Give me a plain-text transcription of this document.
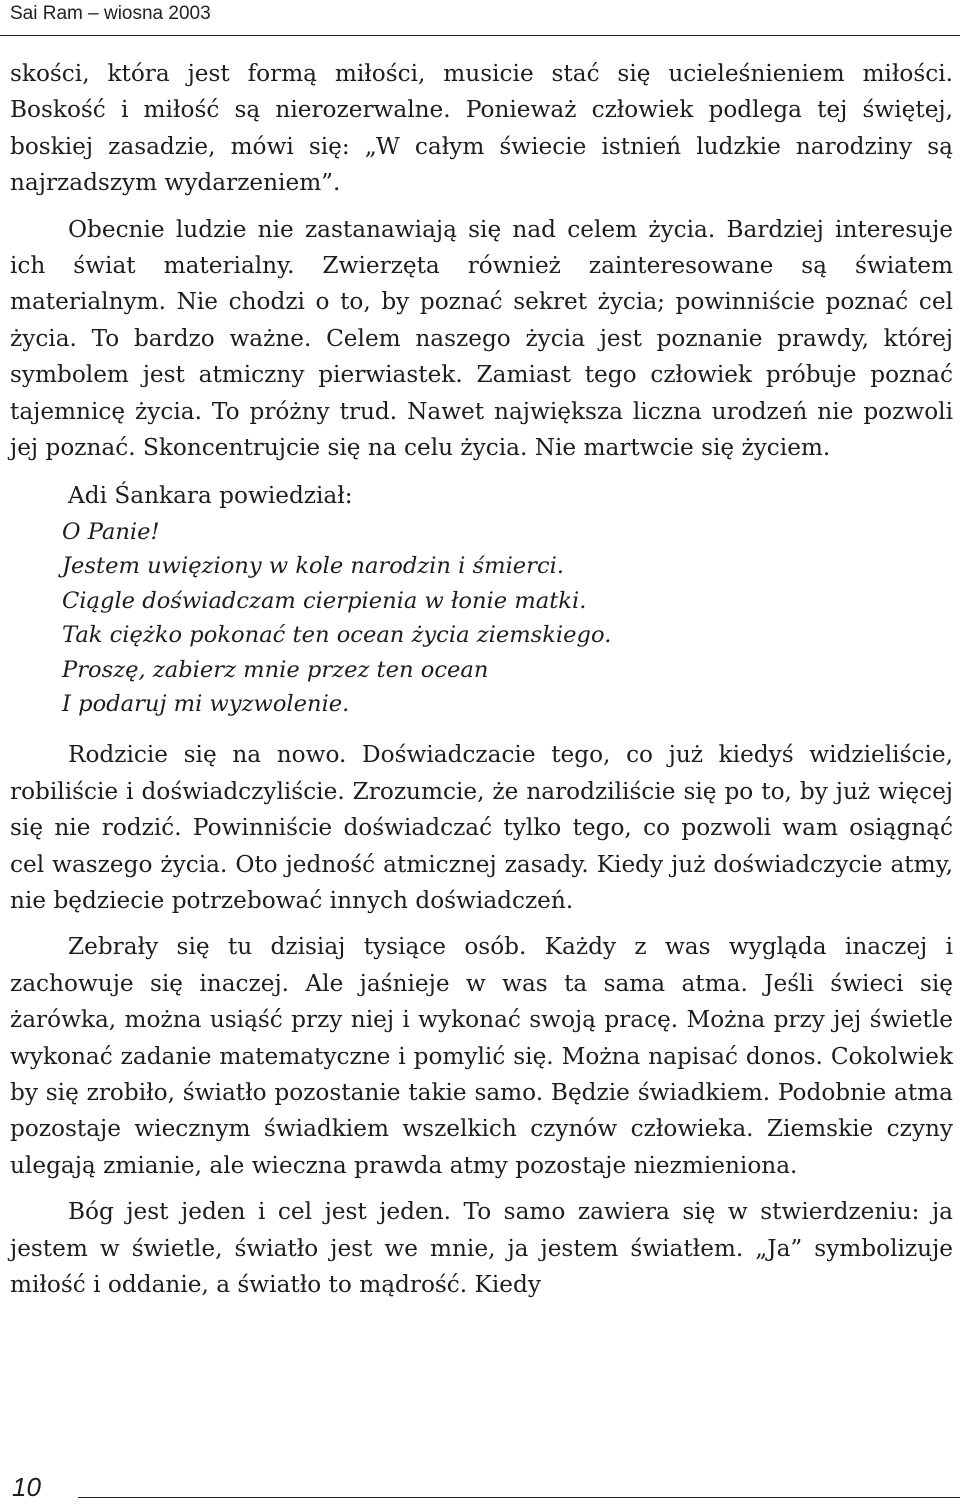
Sai Ram – wiosna 2003

skości, która jest formą miłości, musicie stać się ucieleśnieniem miłości. Boskość i miłość są nierozerwalne. Ponieważ człowiek podlega tej świętej, boskiej zasadzie, mówi się: „W całym świecie istnień ludzkie narodziny są najrzadszym wydarzeniem”.

Obecnie ludzie nie zastanawiają się nad celem życia. Bardziej interesuje ich świat materialny. Zwierzęta również zainteresowane są światem materialnym. Nie chodzi o to, by poznać sekret życia; powinniście poznać cel życia. To bardzo ważne. Celem naszego życia jest poznanie prawdy, której symbolem jest atmiczny pierwiastek. Zamiast tego człowiek próbuje poznać tajemnicę życia. To próżny trud. Nawet największa liczna urodzeń nie pozwoli jej poznać. Skoncentrujcie się na celu życia. Nie martwcie się życiem.

Adi Śankara powiedział:

O Panie!
Jestem uwięziony w kole narodzin i śmierci.
Ciągle doświadczam cierpienia w łonie matki.
Tak ciężko pokonać ten ocean życia ziemskiego.
Proszę, zabierz mnie przez ten ocean
I podaruj mi wyzwolenie.

Rodzicie się na nowo. Doświadczacie tego, co już kiedyś widzieliście, robiliście i doświadczyliście. Zrozumcie, że narodziliście się po to, by już więcej się nie rodzić. Powinniście doświadczać tylko tego, co pozwoli wam osiągnąć cel waszego życia. Oto jedność atmicznej zasady. Kiedy już doświadczycie atmy, nie będziecie potrzebować innych doświadczeń.

Zebrały się tu dzisiaj tysiące osób. Każdy z was wygląda inaczej i zachowuje się inaczej. Ale jaśnieje w was ta sama atma. Jeśli świeci się żarówka, można usiąść przy niej i wykonać swoją pracę. Można przy jej świetle wykonać zadanie matematyczne i pomylić się. Można napisać donos. Cokolwiek by się zrobiło, światło pozostanie takie samo. Będzie świadkiem. Podobnie atma pozostaje wiecznym świadkiem wszelkich czynów człowieka. Ziemskie czyny ulegają zmianie, ale wieczna prawda atmy pozostaje niezmieniona.

Bóg jest jeden i cel jest jeden. To samo zawiera się w stwierdzeniu: ja jestem w świetle, światło jest we mnie, ja jestem światłem. „Ja” symbolizuje miłość i oddanie, a światło to mądrość. Kiedy

10
